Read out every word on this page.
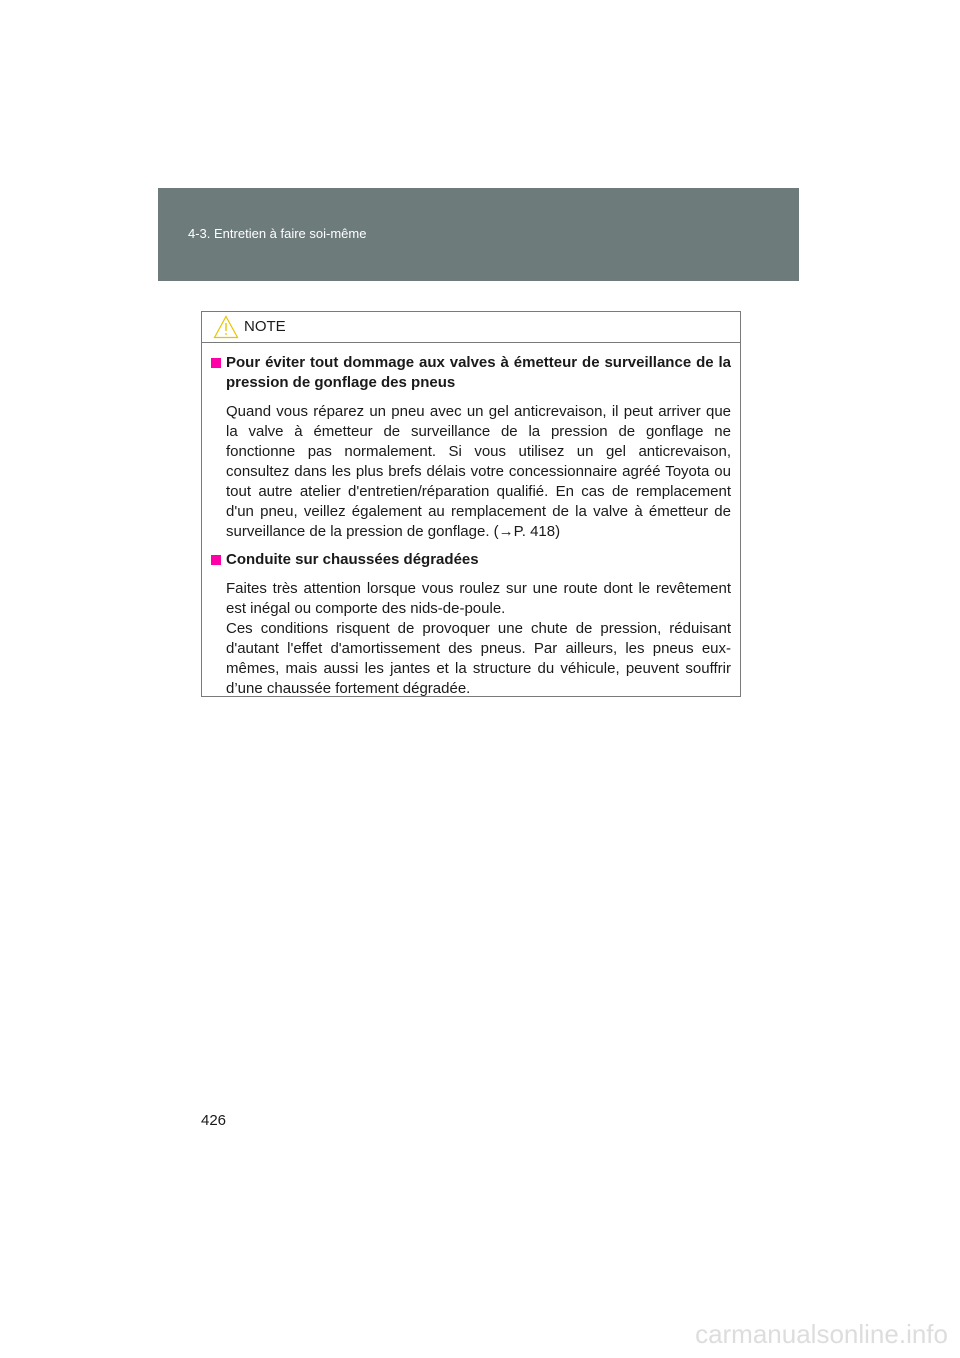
4-3. Entretien à faire soi-même
NOTE
Pour éviter tout dommage aux valves à émetteur de surveillance de la pression de gonflage des pneus
Quand vous réparez un pneu avec un gel anticrevaison, il peut arriver que la valve à émetteur de surveillance de la pression de gonflage ne fonctionne pas normalement. Si vous utilisez un gel anticrevaison, consultez dans les plus brefs délais votre concessionnaire agréé Toyota ou tout autre atelier d'entretien/réparation qualifié. En cas de remplacement d'un pneu, veillez également au remplacement de la valve à émetteur de surveillance de la pression de gonflage. (→P. 418)
Conduite sur chaussées dégradées
Faites très attention lorsque vous roulez sur une route dont le revêtement est inégal ou comporte des nids-de-poule.
Ces conditions risquent de provoquer une chute de pression, réduisant d'autant l'effet d'amortissement des pneus. Par ailleurs, les pneus eux-mêmes, mais aussi les jantes et la structure du véhicule, peuvent souffrir d’une chaussée fortement dégradée.
426
carmanualsonline.info
